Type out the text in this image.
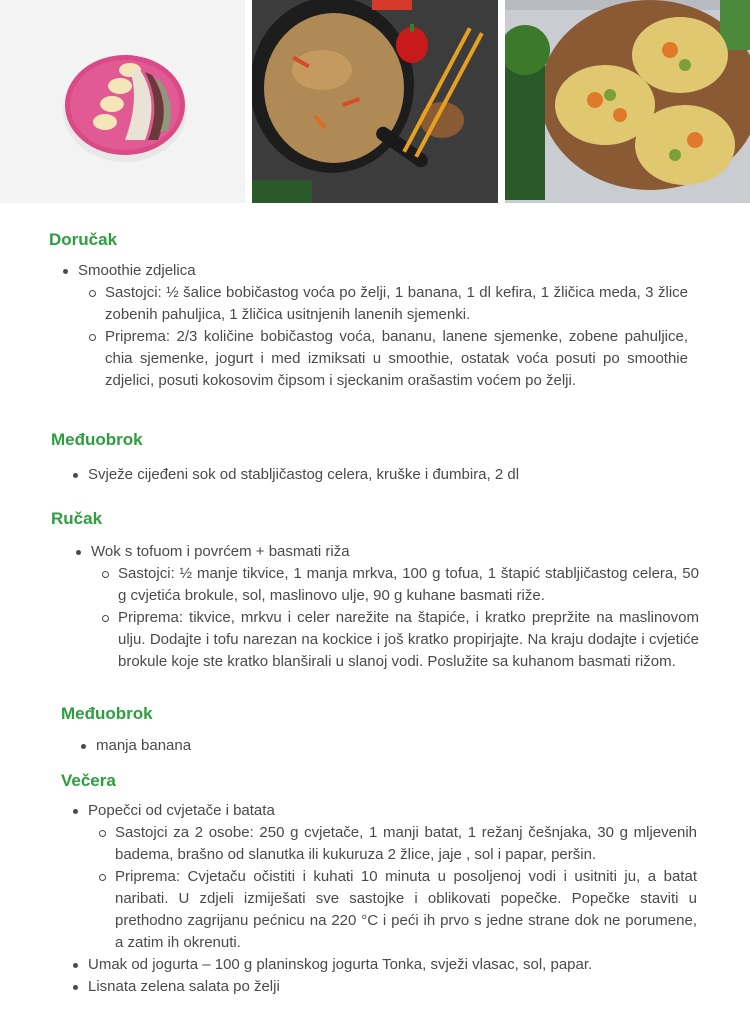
Doručak
Smoothie zdjelica
Sastojci: ½ šalice bobičastog voća po želji, 1 banana, 1 dl kefira, 1 žličica meda, 3 žlice zobenih pahuljica, 1 žličica usitnjenih lanenih sjemenki.
Priprema: 2/3 količine bobičastog voća, bananu, lanene sjemenke, zobene pahuljice, chia sjemenke, jogurt i med izmiksati u smoothie, ostatak voća posuti po smoothie zdjelici, posuti kokosovim čipsom i sjeckanim orašastim voćem po želji.
Međuobrok
Svježe cijeđeni sok od stabljičastog celera, kruške i đumbira, 2 dl
Ručak
Wok s tofuom i povrćem + basmati riža
Sastojci: ½ manje tikvice, 1 manja mrkva, 100 g tofua, 1 štapić stabljičastog celera, 50 g cvjetića brokule, sol, maslinovo ulje, 90 g kuhane basmati riže.
Priprema: tikvice, mrkvu i celer narežite na štapiće, i kratko prepržite na maslinovom ulju. Dodajte i tofu narezan na kockice i još kratko propirjajte. Na kraju dodajte i cvjetiće brokule koje ste kratko blanširali u slanoj vodi. Poslužite sa kuhanom basmati rižom.
Međuobrok
manja banana
Večera
Popečci od cvjetače i batata
Sastojci za 2 osobe: 250 g cvjetače, 1 manji batat, 1 režanj češnjaka, 30 g mljevenih badema, brašno od slanutka ili kukuruza 2 žlice, jaje , sol i papar, peršin.
Priprema: Cvjetaču očistiti i kuhati 10 minuta u posoljenoj vodi i usitniti ju, a batat naribati. U zdjeli izmiješati sve sastojke i oblikovati popečke. Popečke staviti u prethodno zagrijanu pećnicu na 220 °C i peći ih prvo s jedne strane dok ne porumene, a zatim ih okrenuti.
Umak od jogurta – 100 g planinskog jogurta Tonka, svježi vlasac, sol, papar.
Lisnata zelena salata po želji
